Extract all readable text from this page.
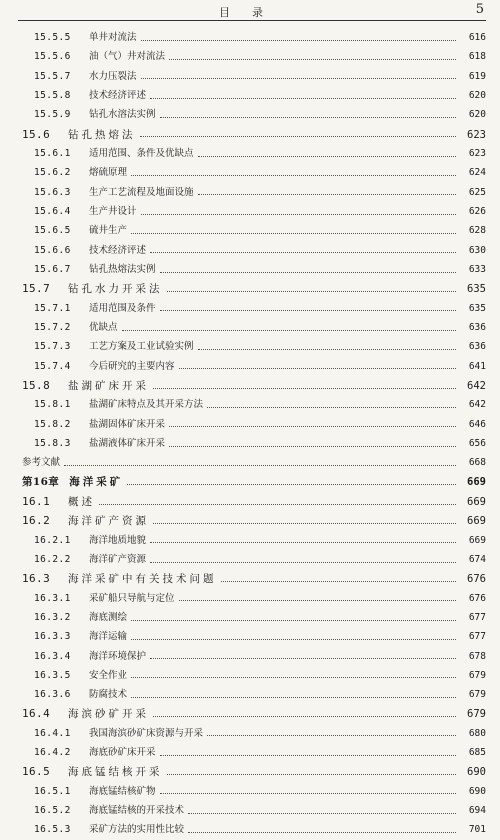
目录	5
15.5.5	单井对流法	616
15.5.6	油（气）井对流法	618
15.5.7	水力压裂法	619
15.5.8	技术经济评述	620
15.5.9	钻孔水溶法实例	620
15.6	钻孔热熔法	623
15.6.1	适用范围、条件及优缺点	623
15.6.2	熔硫原理	624
15.6.3	生产工艺流程及地面设施	625
15.6.4	生产井设计	626
15.6.5	硫井生产	628
15.6.6	技术经济评述	630
15.6.7	钻孔热熔法实例	633
15.7	钻孔水力开采法	635
15.7.1	适用范围及条件	635
15.7.2	优缺点	636
15.7.3	工艺方案及工业试验实例	636
15.7.4	今后研究的主要内容	641
15.8	盐湖矿床开采	642
15.8.1	盐湖矿床特点及其开采方法	642
15.8.2	盐湖固体矿床开采	646
15.8.3	盐湖液体矿床开采	656
参考文献	668
第16章 海洋采矿	669
16.1	概述	669
16.2	海洋矿产资源	669
16.2.1	海洋地质地貌	669
16.2.2	海洋矿产资源	674
16.3	海洋采矿中有关技术问题	676
16.3.1	采矿船只导航与定位	676
16.3.2	海底测绘	677
16.3.3	海洋运输	677
16.3.4	海洋环境保护	678
16.3.5	安全作业	679
16.3.6	防腐技术	679
16.4	海滨砂矿开采	679
16.4.1	我国海滨砂矿床资源与开采	680
16.4.2	海底砂矿床开采	685
16.5	海底锰结核开采	690
16.5.1	海底锰结核矿物	690
16.5.2	海底锰结核的开采技术	694
16.5.3	采矿方法的实用性比较	701
